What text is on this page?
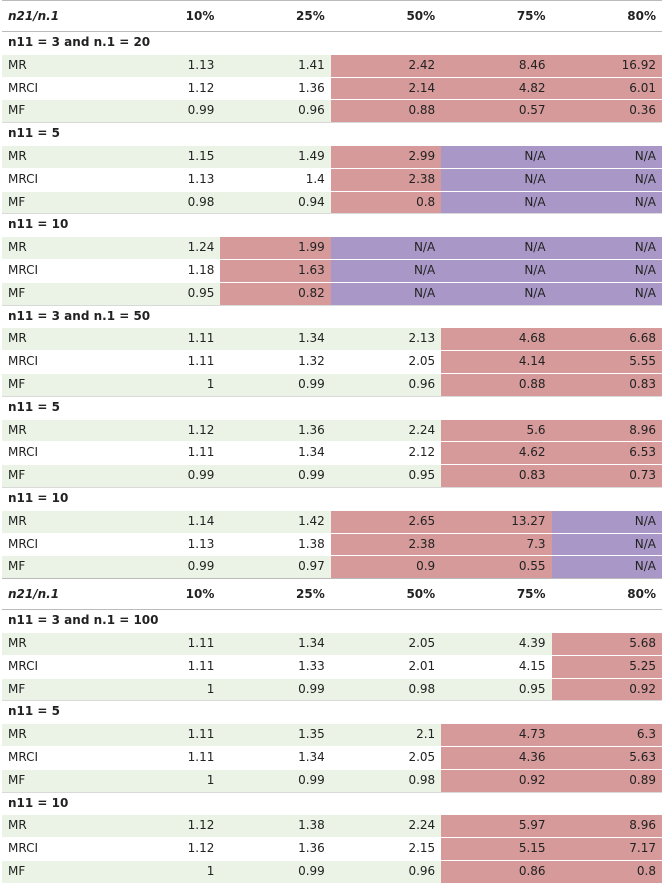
n21/n.1	10%	25%	50%	75%	80%
n11 = 3 and n.1 = 20					
MR	1.13	1.41	2.42	8.46	16.92
MRCI	1.12	1.36	2.14	4.82	6.01
MF	0.99	0.96	0.88	0.57	0.36
n11 = 5					
MR	1.15	1.49	2.99	N/A	N/A
MRCI	1.13	1.4	2.38	N/A	N/A
MF	0.98	0.94	0.8	N/A	N/A
n11 = 10					
MR	1.24	1.99	N/A	N/A	N/A
MRCI	1.18	1.63	N/A	N/A	N/A
MF	0.95	0.82	N/A	N/A	N/A
n11 = 3 and n.1 = 50					
MR	1.11	1.34	2.13	4.68	6.68
MRCI	1.11	1.32	2.05	4.14	5.55
MF	1	0.99	0.96	0.88	0.83
n11 = 5					
MR	1.12	1.36	2.24	5.6	8.96
MRCI	1.11	1.34	2.12	4.62	6.53
MF	0.99	0.99	0.95	0.83	0.73
n11 = 10					
MR	1.14	1.42	2.65	13.27	N/A
MRCI	1.13	1.38	2.38	7.3	N/A
MF	0.99	0.97	0.9	0.55	N/A
n21/n.1	10%	25%	50%	75%	80%
n11 = 3 and n.1 = 100					
MR	1.11	1.34	2.05	4.39	5.68
MRCI	1.11	1.33	2.01	4.15	5.25
MF	1	0.99	0.98	0.95	0.92
n11 = 5					
MR	1.11	1.35	2.1	4.73	6.3
MRCI	1.11	1.34	2.05	4.36	5.63
MF	1	0.99	0.98	0.92	0.89
n11 = 10					
MR	1.12	1.38	2.24	5.97	8.96
MRCI	1.12	1.36	2.15	5.15	7.17
MF	1	0.99	0.96	0.86	0.8
